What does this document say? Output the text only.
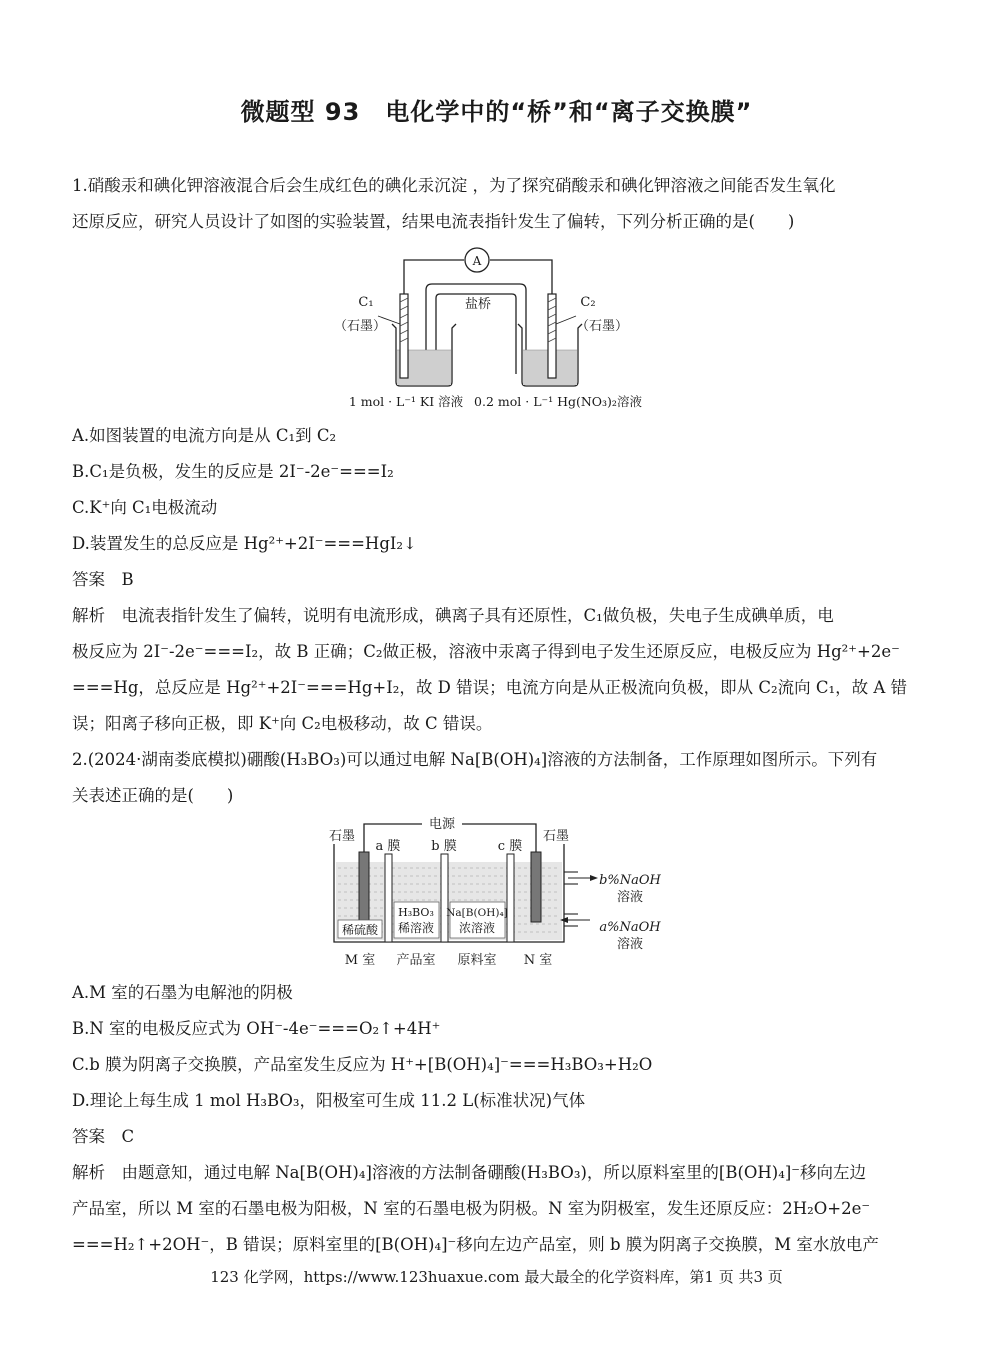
微题型 93　电化学中的“桥”和“离子交换膜”
1.硝酸汞和碘化钾溶液混合后会生成红色的碘化汞沉淀 ，为了探究硝酸汞和碘化钾溶液之间能否发生氧化
还原反应，研究人员设计了如图的实验装置，结果电流表指针发生了偏转，下列分析正确的是(　　)
A
盐桥
C₁
（石墨）
C₂
（石墨）
1 mol · L⁻¹ KI 溶液 0.2 mol · L⁻¹ Hg(NO₃)₂溶液
A.如图装置的电流方向是从 C₁到 C₂
B.C₁是负极，发生的反应是 2I⁻-2e⁻===I₂
C.K⁺向 C₁电极流动
D.装置发生的总反应是 Hg²⁺+2I⁻===HgI₂↓
答案　B
解析　电流表指针发生了偏转，说明有电流形成，碘离子具有还原性，C₁做负极，失电子生成碘单质，电
极反应为 2I⁻-2e⁻===I₂，故 B 正确；C₂做正极，溶液中汞离子得到电子发生还原反应，电极反应为 Hg²⁺+2e⁻
===Hg，总反应是 Hg²⁺+2I⁻===Hg+I₂，故 D 错误；电流方向是从正极流向负极，即从 C₂流向 C₁，故 A 错
误；阳离子移向正极，即 K⁺向 C₂电极移动，故 C 错误。
2.(2024·湖南娄底模拟)硼酸(H₃BO₃)可以通过电解 Na[B(OH)₄]溶液的方法制备，工作原理如图所示。下列有
关表述正确的是(　　)
电源
石墨	石墨
a 膜 b 膜	c 膜
稀硫酸
H₃BO₃
稀溶液
Na[B(OH)₄]
浓溶液
b%NaOH
溶液
a%NaOH
溶液
M 室 产品室 原料室 N 室
A.M 室的石墨为电解池的阴极
B.N 室的电极反应式为 OH⁻-4e⁻===O₂↑+4H⁺
C.b 膜为阴离子交换膜，产品室发生反应为 H⁺+[B(OH)₄]⁻===H₃BO₃+H₂O
D.理论上每生成 1 mol H₃BO₃，阳极室可生成 11.2 L(标准状况)气体
答案　C
解析　由题意知，通过电解 Na[B(OH)₄]溶液的方法制备硼酸(H₃BO₃)，所以原料室里的[B(OH)₄]⁻移向左边
产品室，所以 M 室的石墨电极为阳极，N 室的石墨电极为阴极。N 室为阴极室，发生还原反应：2H₂O+2e⁻
===H₂↑+2OH⁻，B 错误；原料室里的[B(OH)₄]⁻移向左边产品室，则 b 膜为阴离子交换膜，M 室水放电产
123 化学网，https://www.123huaxue.com 最大最全的化学资料库，第1 页 共3 页
